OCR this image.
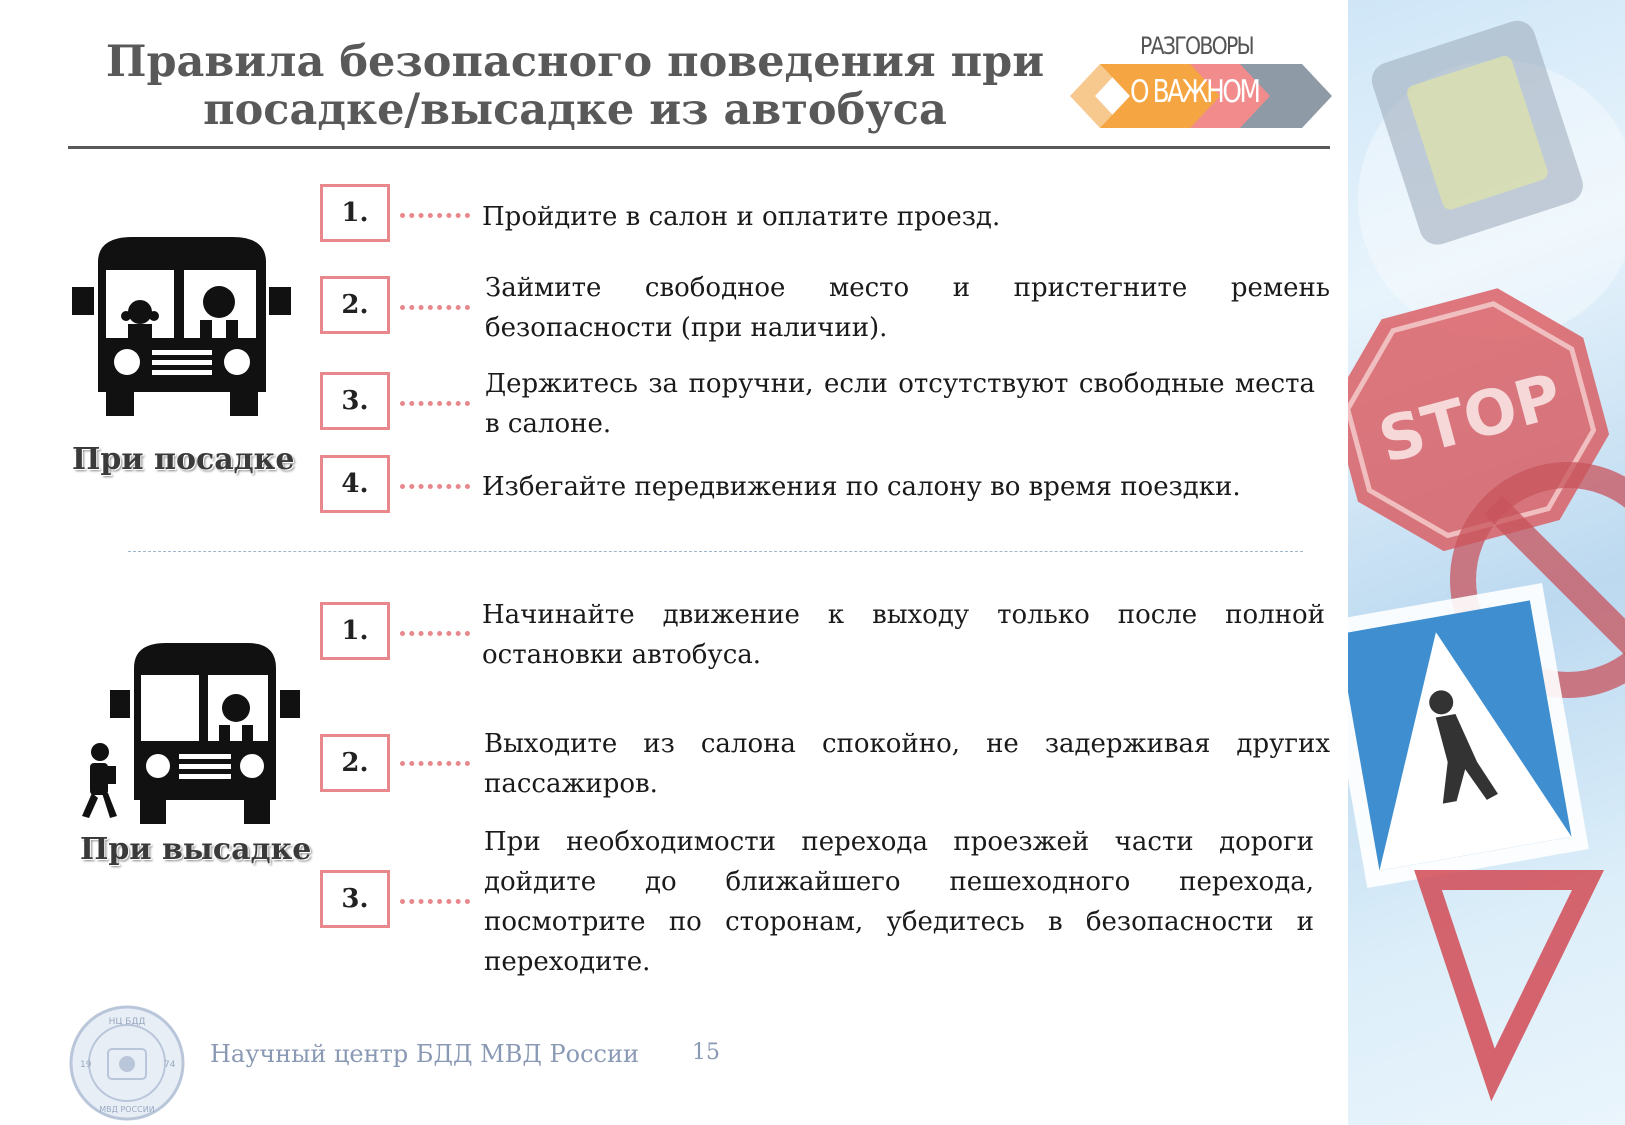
STOP
Правила безопасного поведения при
посадке/высадке из автобуса
РАЗГОВОРЫ
О ВАЖНОМ
При посадке
1.	Пройдите в салон и оплатите проезд.
2.
Займите свободное место и пристегните ремень безопасности (при наличии).
3.
Держитесь за поручни, если отсутствуют свободные места в салоне.
4.	Избегайте передвижения по салону во время поездки.
При высадке
1.
Начинайте движение к выходу только после полной остановки автобуса.
2.
Выходите из салона спокойно, не задерживая других пассажиров.
3.
При необходимости перехода проезжей части дороги дойдите до ближайшего пешеходного перехода, посмотрите по сторонам, убедитесь в безопасности и переходите.
НЦ БДД
МВД РОССИИ
19	74 Научный центр БДД МВД России 15
